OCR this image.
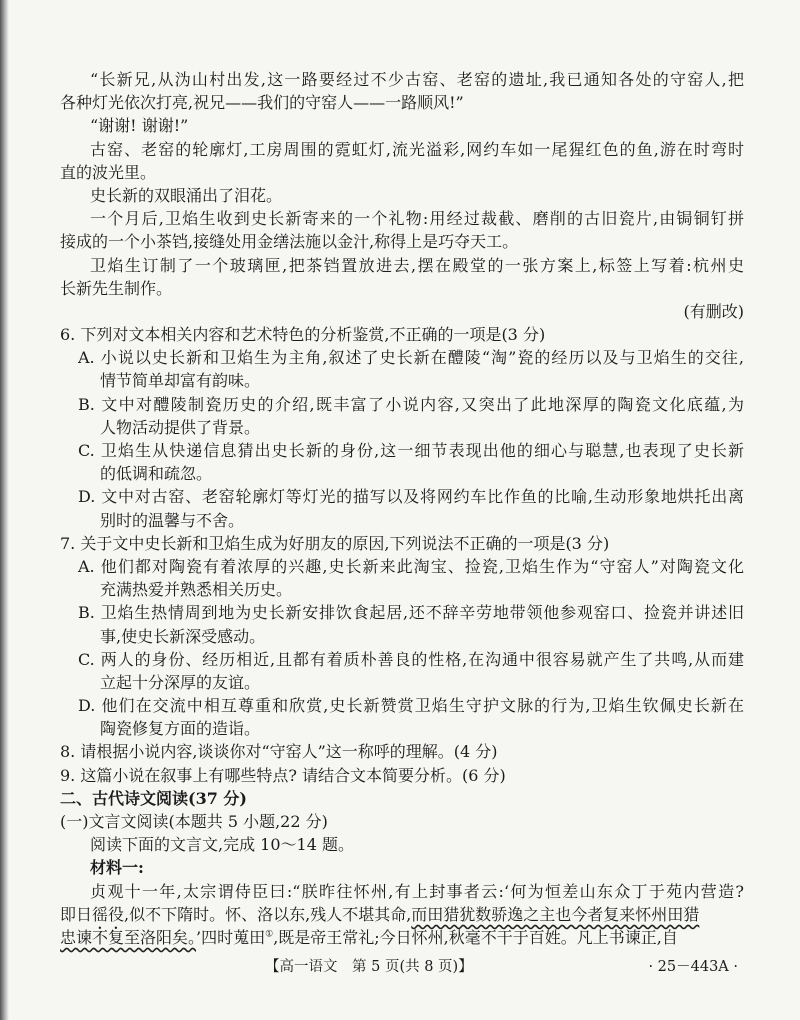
“长新兄,从沩山村出发,这一路要经过不少古窑、老窑的遗址,我已通知各处的守窑人,把
各种灯光依次打亮,祝兄——我们的守窑人——一路顺风!”
“谢谢! 谢谢!”
古窑、老窑的轮廓灯,工房周围的霓虹灯,流光溢彩,网约车如一尾猩红色的鱼,游在时弯时
直的波光里。
史长新的双眼涌出了泪花。
一个月后,卫焰生收到史长新寄来的一个礼物:用经过裁截、磨削的古旧瓷片,由锔铜钉拼
接成的一个小茶铛,接缝处用金缮法施以金汁,称得上是巧夺天工。
卫焰生订制了一个玻璃匣,把茶铛置放进去,摆在殿堂的一张方案上,标签上写着:杭州史
长新先生制作。
(有删改)
6. 下列对文本相关内容和艺术特色的分析鉴赏,不正确的一项是(3 分)
A. 小说以史长新和卫焰生为主角,叙述了史长新在醴陵“淘”瓷的经历以及与卫焰生的交往,
情节简单却富有韵味。
B. 文中对醴陵制瓷历史的介绍,既丰富了小说内容,又突出了此地深厚的陶瓷文化底蕴,为
人物活动提供了背景。
C. 卫焰生从快递信息猜出史长新的身份,这一细节表现出他的细心与聪慧,也表现了史长新
的低调和疏忽。
D. 文中对古窑、老窑轮廓灯等灯光的描写以及将网约车比作鱼的比喻,生动形象地烘托出离
别时的温馨与不舍。
7. 关于文中史长新和卫焰生成为好朋友的原因,下列说法不正确的一项是(3 分)
A. 他们都对陶瓷有着浓厚的兴趣,史长新来此淘宝、捡瓷,卫焰生作为“守窑人”对陶瓷文化
充满热爱并熟悉相关历史。
B. 卫焰生热情周到地为史长新安排饮食起居,还不辞辛劳地带领他参观窑口、捡瓷并讲述旧
事,使史长新深受感动。
C. 两人的身份、经历相近,且都有着质朴善良的性格,在沟通中很容易就产生了共鸣,从而建
立起十分深厚的友谊。
D. 他们在交流中相互尊重和欣赏,史长新赞赏卫焰生守护文脉的行为,卫焰生钦佩史长新在
陶瓷修复方面的造诣。
8. 请根据小说内容,谈谈你对“守窑人”这一称呼的理解。(4 分)
9. 这篇小说在叙事上有哪些特点? 请结合文本简要分析。(6 分)
二、古代诗文阅读(37 分)
(一)文言文阅读(本题共 5 小题,22 分)
阅读下面的文言文,完成 10～14 题。
材料一:
贞观十一年,太宗谓侍臣曰:“朕昨往怀州,有上封事者云:‘何为恒差山东众丁于苑内营造?
即日徭役,似不下隋时。怀、洛以东,残人不堪其命,而田猎犹数骄逸之主也今者复来怀州田猎
忠谏不复至洛阳矣。’四时蒐田①,既是帝王常礼;今日怀州,秋毫不干于百姓。凡上书谏正,自
【高一语文　第 5 页(共 8 页)】	· 25－443A ·
